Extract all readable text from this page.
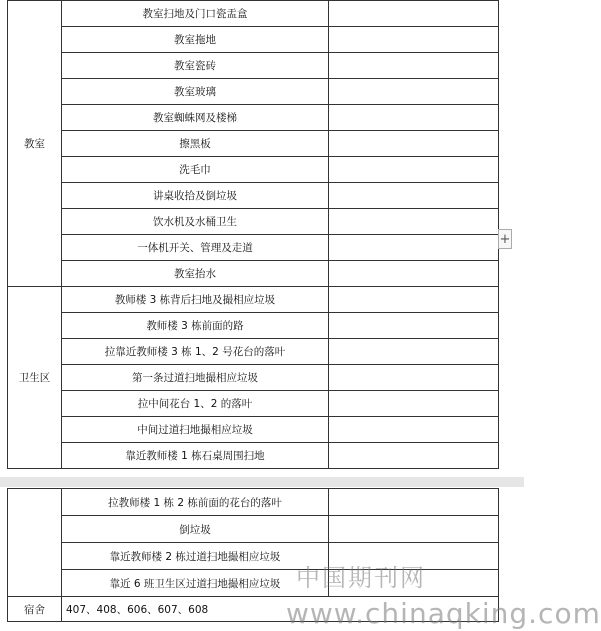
教室	教室扫地及门口瓷盂盒	
	教室拖地	
	教室瓷砖	
	教室玻璃	
	教室蜘蛛网及楼梯	
	擦黑板	
	洗毛巾	
	讲桌收拾及倒垃圾	
	饮水机及水桶卫生	
	一体机开关、管理及走道	
	教室抬水	
卫生区	教师楼 3 栋背后扫地及撮相应垃圾	
	教师楼 3 栋前面的路	
	拉靠近教师楼 3 栋 1、2 号花台的落叶	
	第一条过道扫地撮相应垃圾	
	拉中间花台 1、2 的落叶	
	中间过道扫地撮相应垃圾	
	靠近教师楼 1 栋石桌周围扫地	
+
	拉教师楼 1 栋 2 栋前面的花台的落叶	
	倒垃圾	
	靠近教师楼 2 栋过道扫地撮相应垃圾	
	靠近 6 班卫生区过道扫地撮相应垃圾	
宿舍	407、408、606、607、608	
中国期刊网
www.chinaqking.com
